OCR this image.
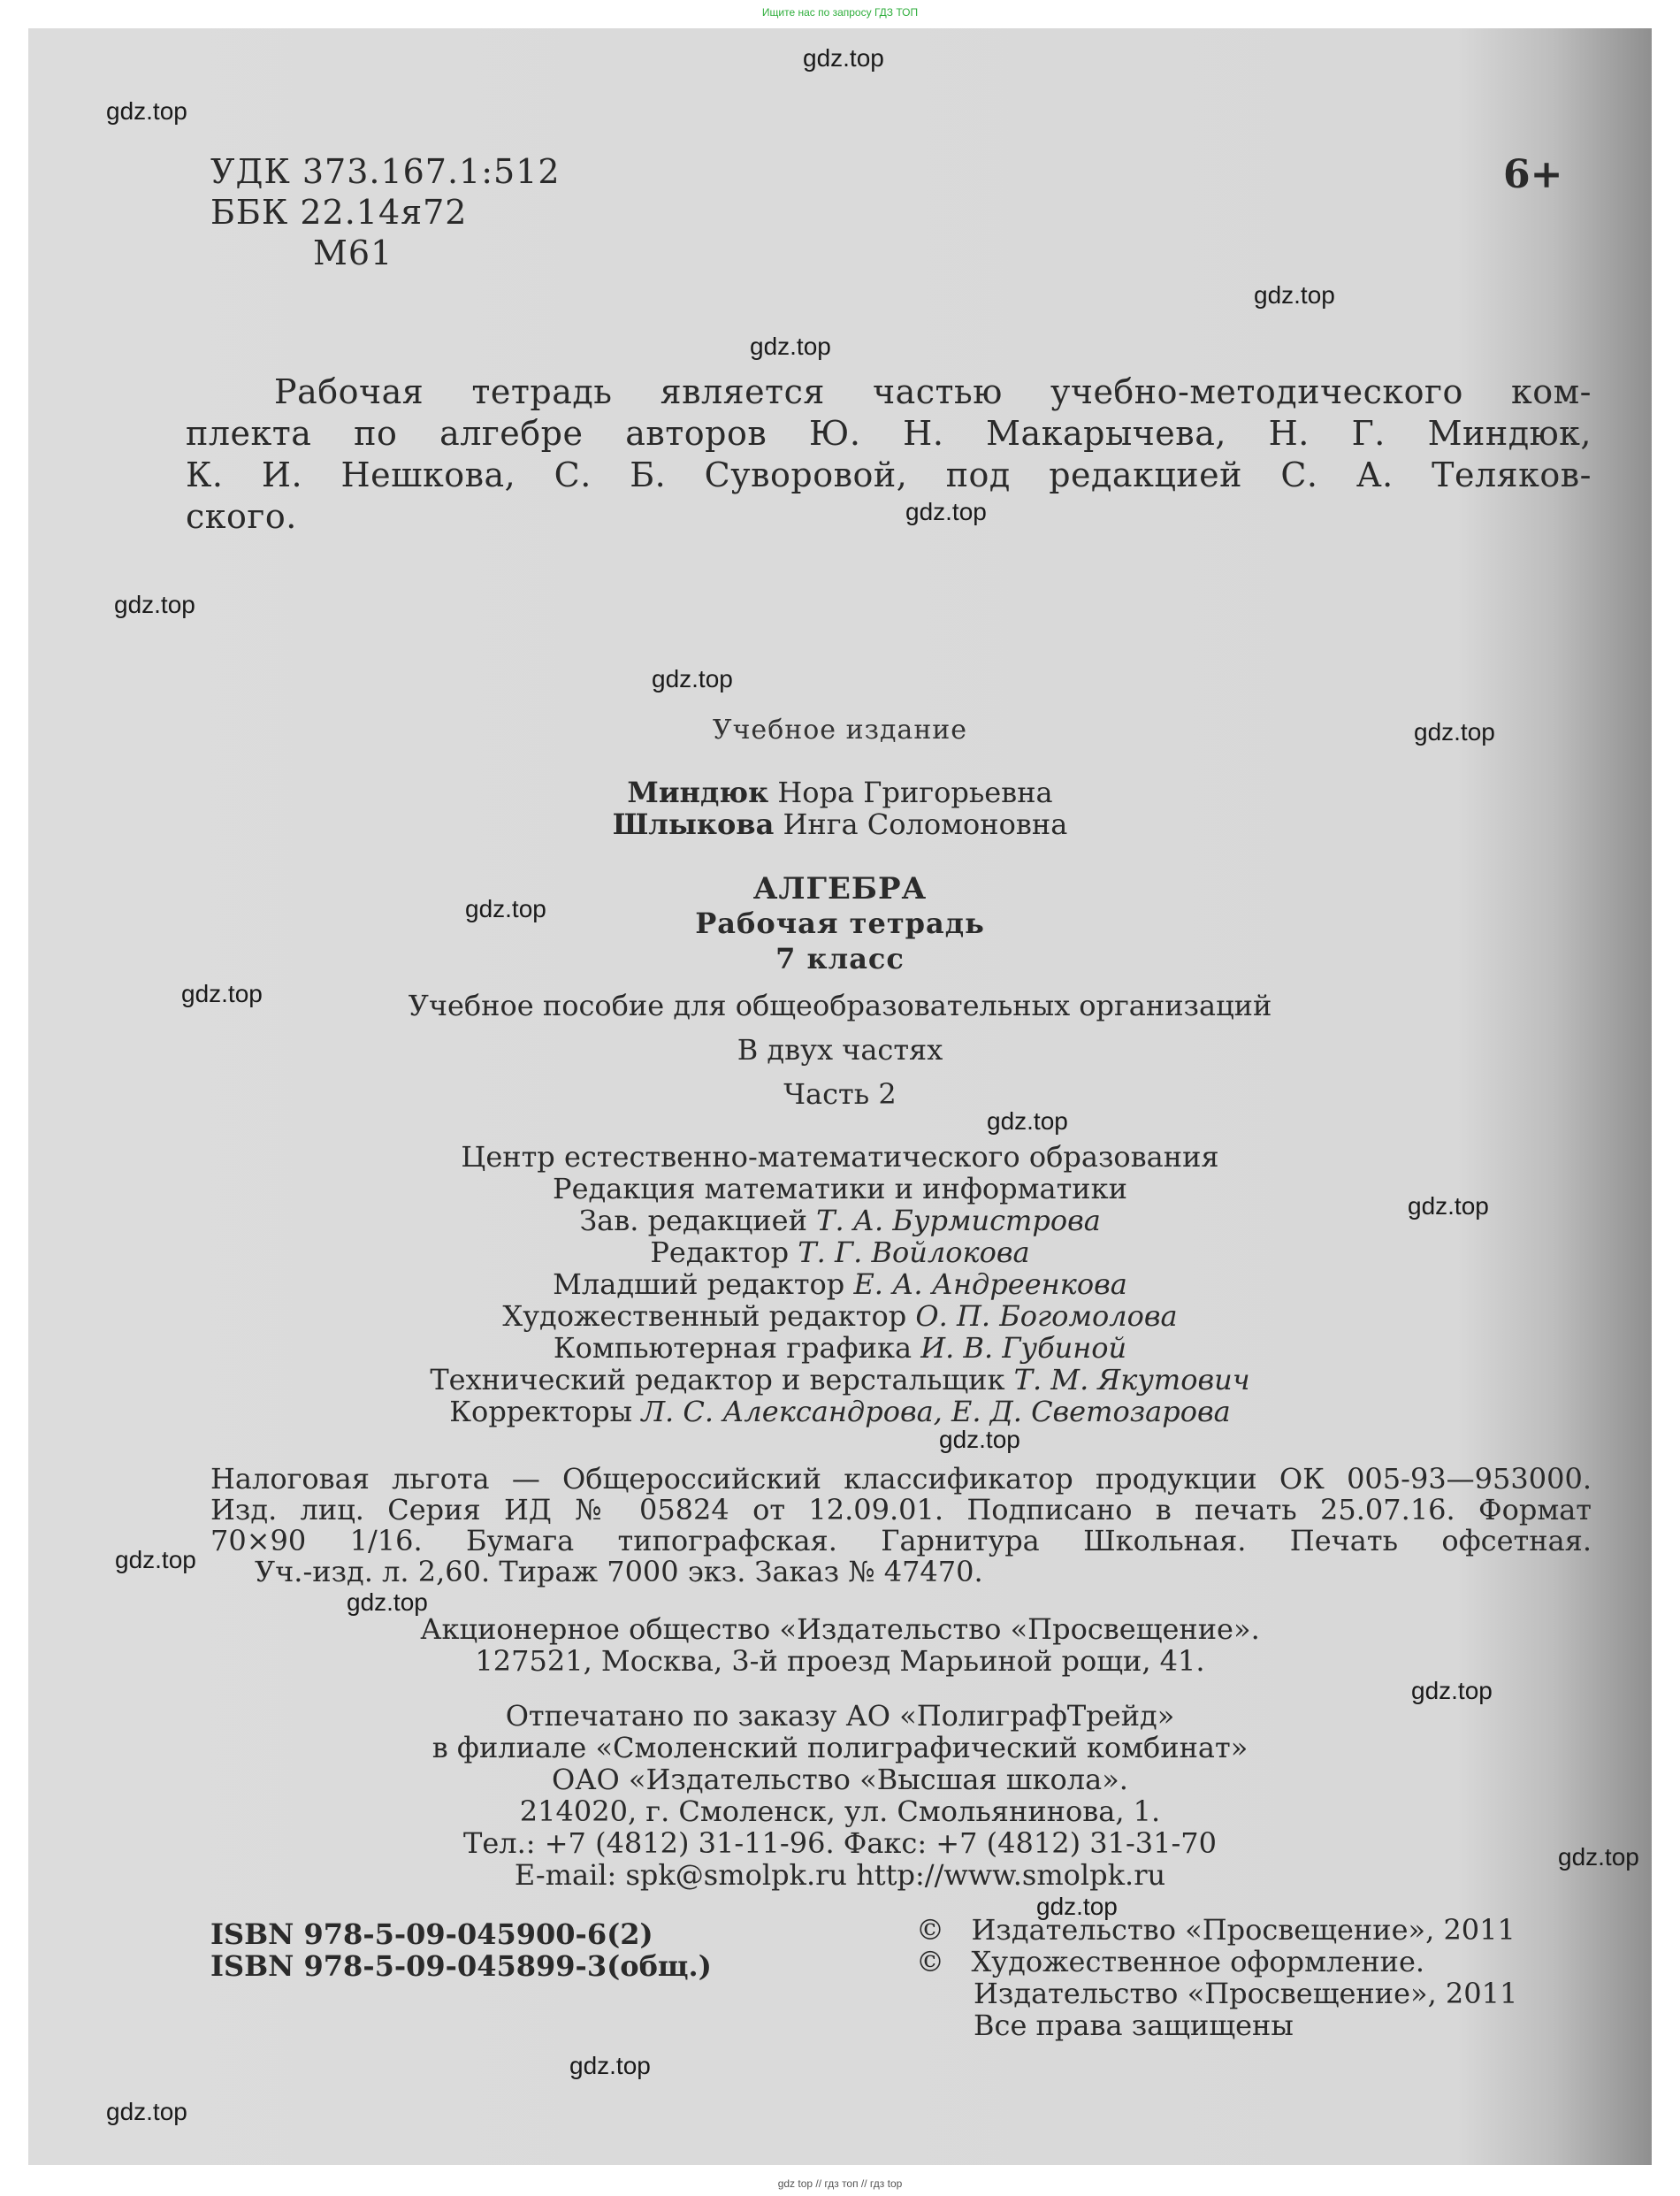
Ищите нас по запросу ГДЗ ТОП

gdz.top
gdz.top
gdz.top
gdz.top
gdz.top
gdz.top
gdz.top
gdz.top
gdz.top
gdz.top
gdz.top
gdz.top
gdz.top
gdz.top
gdz.top
gdz.top
gdz.top
gdz.top
gdz.top
gdz.top
УДК 373.167.1:512
ББК 22.14я72
М61
6+
Рабочая тетрадь является частью учебно-методического ком-
плекта по алгебре авторов Ю. Н. Макарычева, Н. Г. Миндюк,
К. И. Нешкова, С. Б. Суворовой, под редакцией С. А. Теляков-
ского.
Учебное издание
Миндюк Нора Григорьевна
Шлыкова Инга Соломоновна
АЛГЕБРА
Рабочая тетрадь
7 класс
Учебное пособие для общеобразовательных организаций
В двух частях
Часть 2
Центр естественно-математического образования
Редакция математики и информатики
Зав. редакцией Т. А. Бурмистрова
Редактор Т. Г. Войлокова
Младший редактор Е. А. Андреенкова
Художественный редактор О. П. Богомолова
Компьютерная графика И. В. Губиной
Технический редактор и верстальщик Т. М. Якутович
Корректоры Л. С. Александрова, Е. Д. Светозарова
Налоговая льгота — Общероссийский классификатор продукции ОК 005-93—953000.
Изд. лиц. Серия ИД № 05824 от 12.09.01. Подписано в печать 25.07.16. Формат
70×90 1/16. Бумага типографская. Гарнитура Школьная. Печать офсетная.
Уч.-изд. л. 2,60. Тираж 7000 экз. Заказ № 47470.
Акционерное общество «Издательство «Просвещение».
127521, Москва, 3-й проезд Марьиной рощи, 41.
Отпечатано по заказу АО «ПолиграфТрейд»
в филиале «Смоленский полиграфический комбинат»
ОАО «Издательство «Высшая школа».
214020, г. Смоленск, ул. Смольянинова, 1.
Тел.: +7 (4812) 31-11-96. Факс: +7 (4812) 31-31-70
E-mail: spk@smolpk.ru http://www.smolpk.ru
ISBN 978-5-09-045900-6(2)
ISBN 978-5-09-045899-3(общ.)
© Издательство «Просвещение», 2011
© Художественное оформление.
Издательство «Просвещение», 2011
Все права защищены
gdz top // гдз топ // гдз top
